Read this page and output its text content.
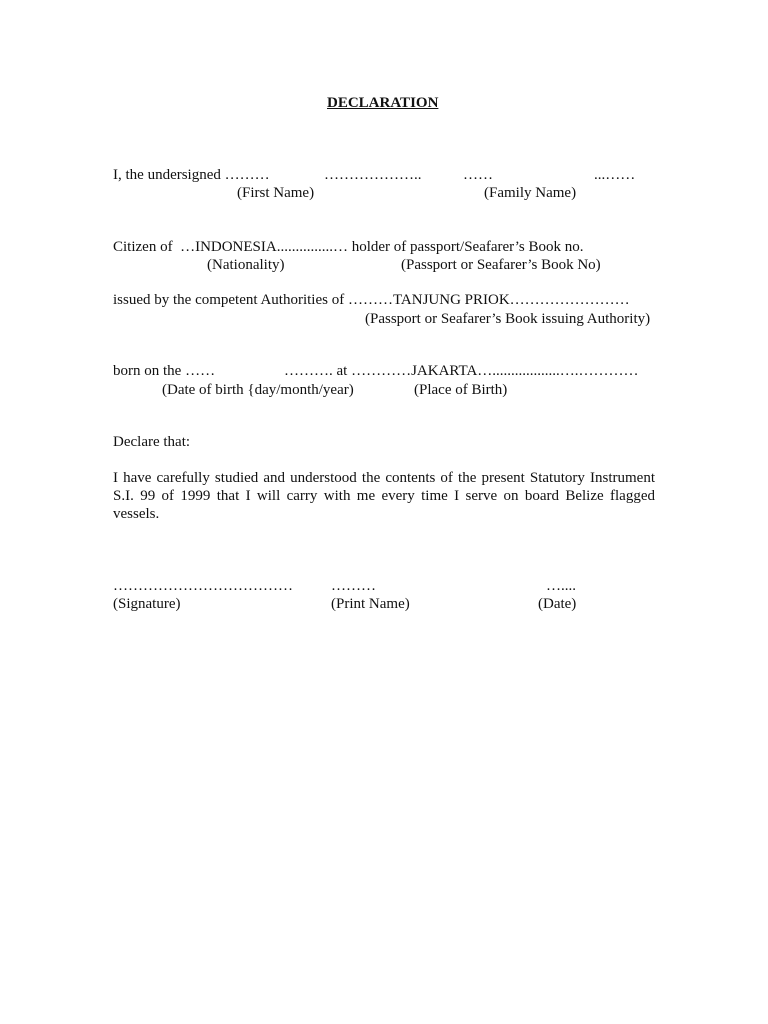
DECLARATION
I, the undersigned ………	………………..	……	...……
(First Name)	(Family Name)
Citizen of  …INDONESIA...............… holder of passport/Seafarer’s Book no.
(Nationality)	(Passport or Seafarer’s Book No)
issued by the competent Authorities of ………TANJUNG PRIOK……………………
(Passport or Seafarer’s Book issuing Authority)
born on the ……	………. at …………JAKARTA…..................….…………
(Date of birth {day/month/year)	(Place of Birth)
Declare that:
I have carefully studied and understood the contents of the present Statutory Instrument S.I. 99 of 1999 that I will carry with me every time I serve on board Belize flagged vessels.
………………………………	………	…....
(Signature)	(Print Name)	(Date)
